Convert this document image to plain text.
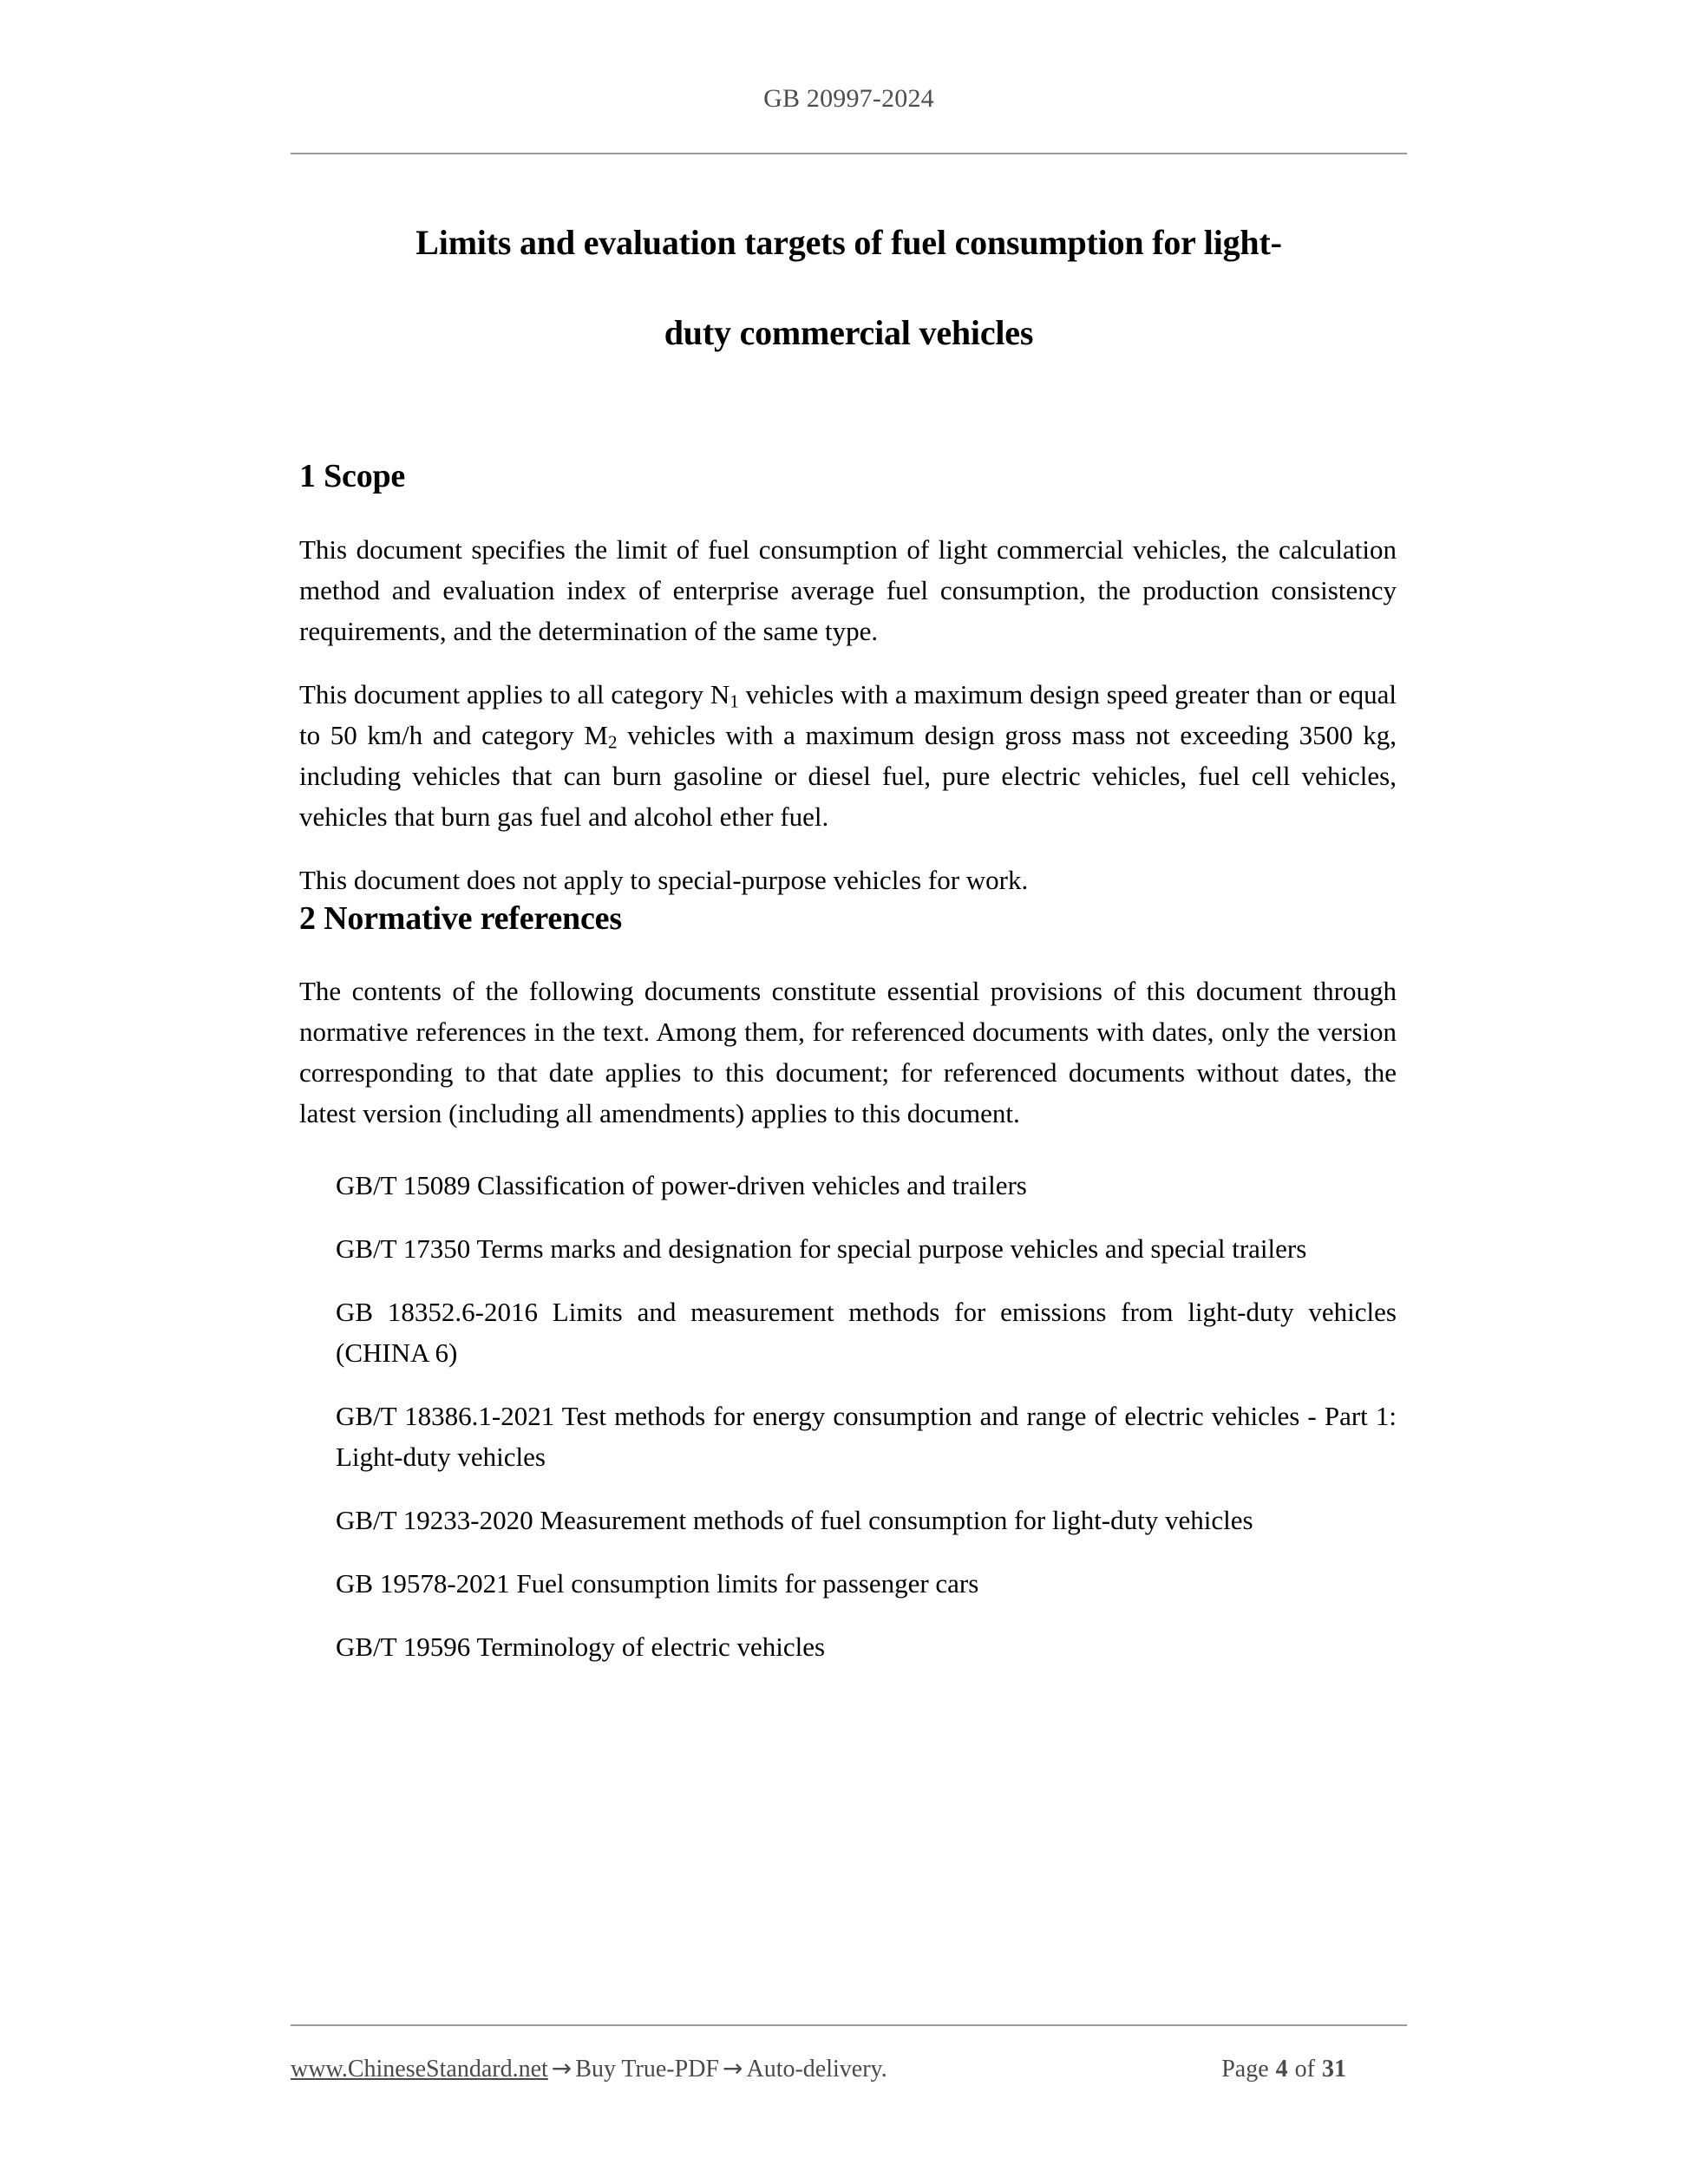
GB 20997-2024
Limits and evaluation targets of fuel consumption for light-
duty commercial vehicles
1 Scope

This document specifies the limit of fuel consumption of light commercial vehicles, the calculation method and evaluation index of enterprise average fuel consumption, the production consistency requirements, and the determination of the same type.

This document applies to all category $N_1$ vehicles with a maximum design speed greater than or equal to 50 km/h and category $M_2$ vehicles with a maximum design gross mass not exceeding 3500 kg, including vehicles that can burn gasoline or diesel fuel, pure electric vehicles, fuel cell vehicles, vehicles that burn gas fuel and alcohol ether fuel.

This document does not apply to special-purpose vehicles for work.

2 Normative references

The contents of the following documents constitute essential provisions of this document through normative references in the text. Among them, for referenced documents with dates, only the version corresponding to that date applies to this document; for referenced documents without dates, the latest version (including all amendments) applies to this document.

GB/T 15089 Classification of power-driven vehicles and trailers
GB/T 17350 Terms marks and designation for special purpose vehicles and special trailers
GB 18352.6-2016 Limits and measurement methods for emissions from light-duty vehicles (CHINA 6)
GB/T 18386.1-2021 Test methods for energy consumption and range of electric vehicles - Part 1: Light-duty vehicles
GB/T 19233-2020 Measurement methods of fuel consumption for light-duty vehicles
GB 19578-2021 Fuel consumption limits for passenger cars
GB/T 19596 Terminology of electric vehicles
www.ChineseStandard.net → Buy True-PDF → Auto-delivery.	Page 4 of 31
